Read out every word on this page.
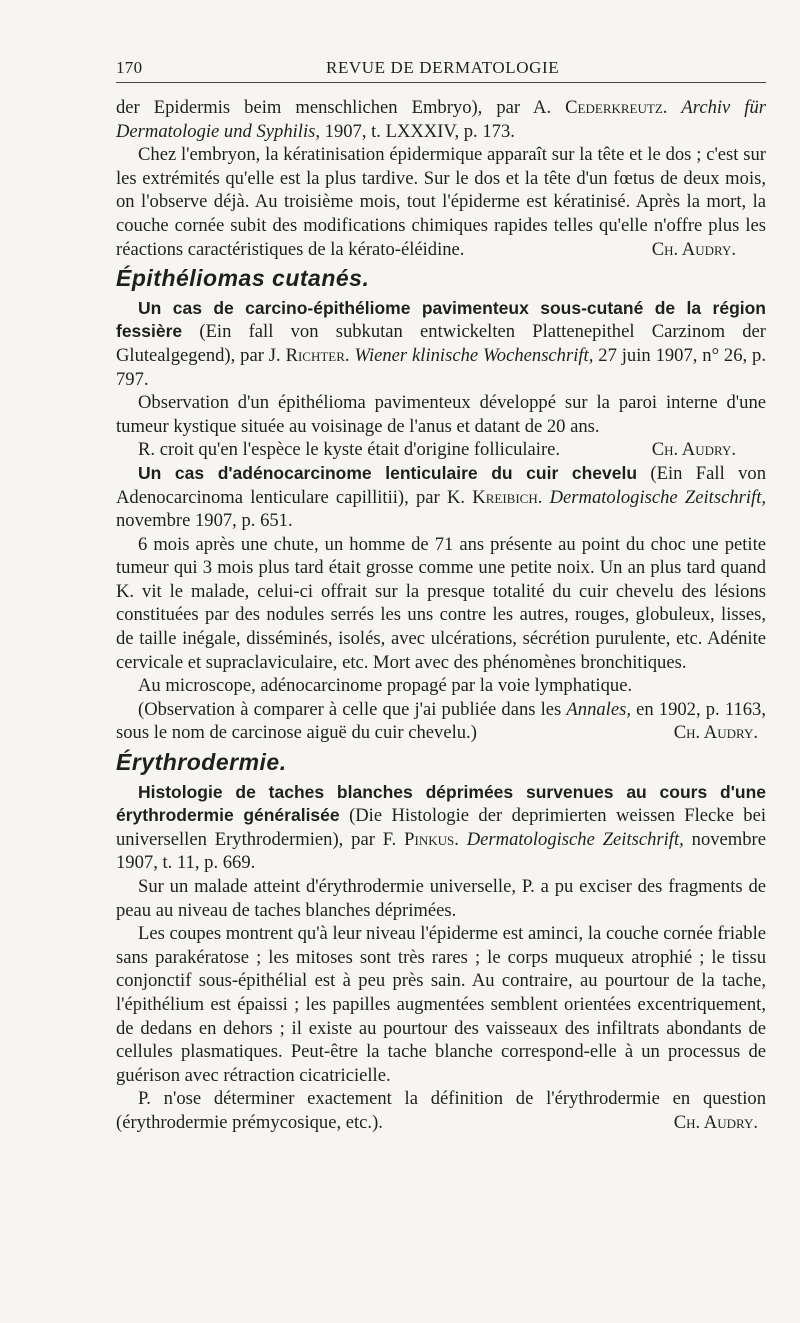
170	REVUE DE DERMATOLOGIE

der Epidermis beim menschlichen Embryo), par A. Cederkreutz. Archiv für Dermatologie und Syphilis, 1907, t. LXXXIV, p. 173.

Chez l'embryon, la kératinisation épidermique apparaît sur la tête et le dos ; c'est sur les extrémités qu'elle est la plus tardive. Sur le dos et la tête d'un fœtus de deux mois, on l'observe déjà. Au troisième mois, tout l'épiderme est kératinisé. Après la mort, la couche cornée subit des modifications chimiques rapides telles qu'elle n'offre plus les réactions caractéristiques de la kérato-éléidine.	Ch. Audry.

Épithéliomas cutanés.

Un cas de carcino-épithéliome pavimenteux sous-cutané de la région fessière (Ein fall von subkutan entwickelten Plattenepithel Carzinom der Glutealgegend), par J. Richter. Wiener klinische Wochenschrift, 27 juin 1907, n° 26, p. 797.

Observation d'un épithélioma pavimenteux développé sur la paroi interne d'une tumeur kystique située au voisinage de l'anus et datant de 20 ans.

R. croit qu'en l'espèce le kyste était d'origine folliculaire.	Ch. Audry.

Un cas d'adénocarcinome lenticulaire du cuir chevelu (Ein Fall von Adenocarcinoma lenticulare capillitii), par K. Kreibich. Dermatologische Zeitschrift, novembre 1907, p. 651.

6 mois après une chute, un homme de 71 ans présente au point du choc une petite tumeur qui 3 mois plus tard était grosse comme une petite noix. Un an plus tard quand K. vit le malade, celui-ci offrait sur la presque totalité du cuir chevelu des lésions constituées par des nodules serrés les uns contre les autres, rouges, globuleux, lisses, de taille inégale, disséminés, isolés, avec ulcérations, sécrétion purulente, etc. Adénite cervicale et supraclaviculaire, etc. Mort avec des phénomènes bronchitiques.

Au microscope, adénocarcinome propagé par la voie lymphatique.

(Observation à comparer à celle que j'ai publiée dans les Annales, en 1902, p. 1163, sous le nom de carcinose aiguë du cuir chevelu.)	Ch. Audry.

Érythrodermie.

Histologie de taches blanches déprimées survenues au cours d'une érythrodermie généralisée (Die Histologie der deprimierten weissen Flecke bei universellen Erythrodermien), par F. Pinkus. Dermatologische Zeitschrift, novembre 1907, t. 11, p. 669.

Sur un malade atteint d'érythrodermie universelle, P. a pu exciser des fragments de peau au niveau de taches blanches déprimées.

Les coupes montrent qu'à leur niveau l'épiderme est aminci, la couche cornée friable sans parakératose ; les mitoses sont très rares ; le corps muqueux atrophié ; le tissu conjonctif sous-épithélial est à peu près sain. Au contraire, au pourtour de la tache, l'épithélium est épaissi ; les papilles augmentées semblent orientées excentriquement, de dedans en dehors ; il existe au pourtour des vaisseaux des infiltrats abondants de cellules plasmatiques. Peut-être la tache blanche correspond-elle à un processus de guérison avec rétraction cicatricielle.

P. n'ose déterminer exactement la définition de l'érythrodermie en question (érythrodermie prémycosique, etc.).	Ch. Audry.
